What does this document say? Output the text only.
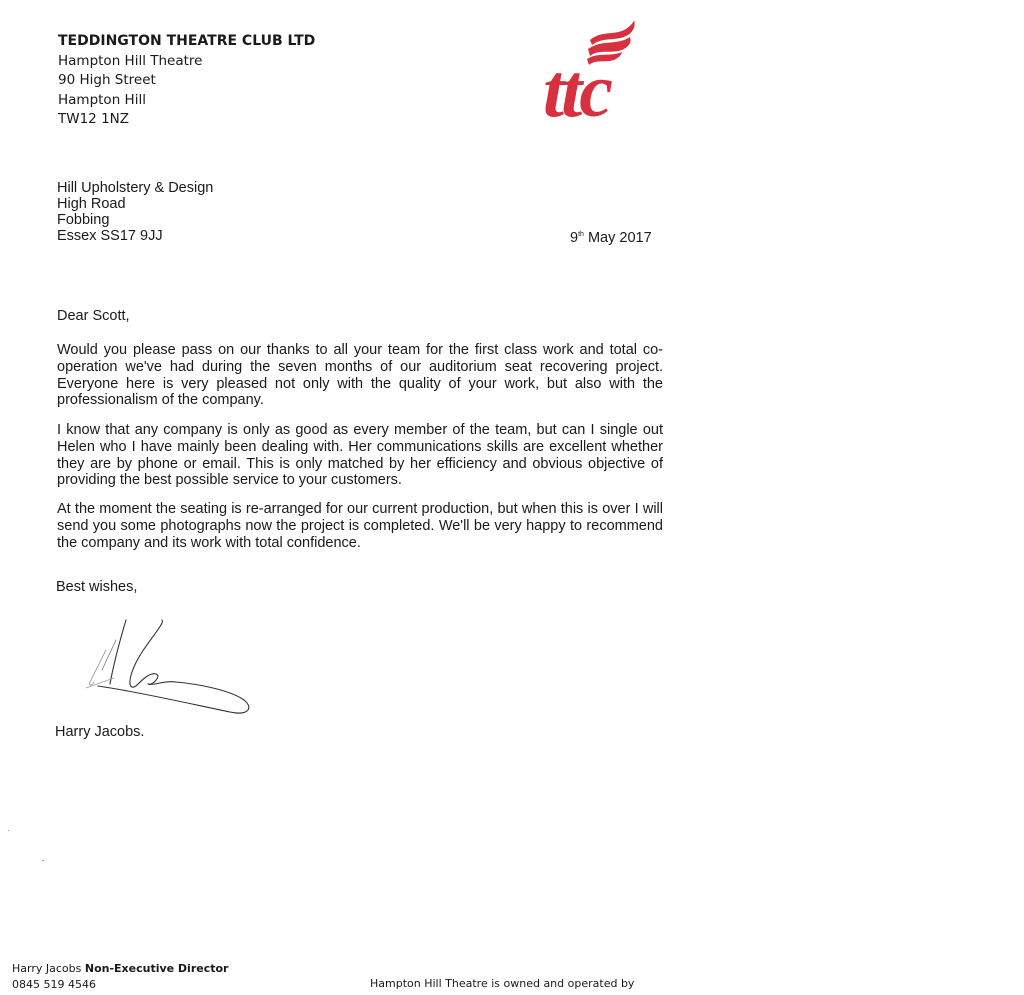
TEDDINGTON THEATRE CLUB LTD
Hampton Hill Theatre
90 High Street
Hampton Hill
TW12 1NZ	ttc
Hill Upholstery & Design
High Road
Fobbing
Essex SS17 9JJ	9th May 2017
Dear Scott,

Would you please pass on our thanks to all your team for the first class work and total co-operation we've had during the seven months of our auditorium seat recovering project. Everyone here is very pleased not only with the quality of your work, but also with the professionalism of the company.

I know that any company is only as good as every member of the team, but can I single out Helen who I have mainly been dealing with. Her communications skills are excellent whether they are by phone or email. This is only matched by her efficiency and obvious objective of providing the best possible service to your customers.

At the moment the seating is re-arranged for our current production, but when this is over I will send you some photographs now the project is completed. We'll be very happy to recommend the company and its work with total confidence.

Best wishes,
Harry Jacobs.
Harry Jacobs Non-Executive Director
0845 519 4546	Hampton Hill Theatre is owned and operated by
